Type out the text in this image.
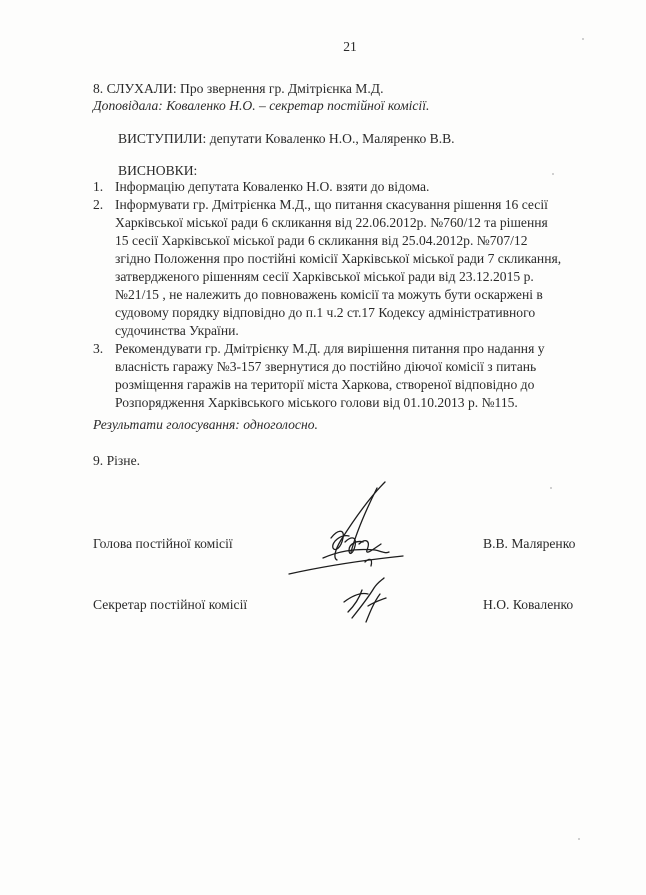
21
8. СЛУХАЛИ: Про звернення гр. Дмітрієнка М.Д.
Доповідала: Коваленко Н.О. – секретар постійної комісії.
ВИСТУПИЛИ: депутати Коваленко Н.О., Маляренко В.В.
ВИСНОВКИ:
1. Інформацію депутата Коваленко Н.О. взяти до відома.
2. Інформувати гр. Дмітрієнка М.Д., що питання скасування рішення 16 сесії
Харківської міської ради 6 скликання від 22.06.2012р. №760/12 та рішення
15 сесії Харківської міської ради 6 скликання від 25.04.2012р. №707/12
згідно Положення про постійні комісії Харківської міської ради 7 скликання,
затвердженого рішенням сесії Харківської міської ради від 23.12.2015 р.
№21/15 , не належить до повноважень комісії та можуть бути оскаржені в
судовому порядку відповідно до п.1 ч.2 ст.17 Кодексу адміністративного
судочинства України.
3. Рекомендувати гр. Дмітрієнку М.Д. для вирішення питання про надання у
власність гаражу №3-157 звернутися до постійно діючої комісії з питань
розміщення гаражів на території міста Харкова, створеної відповідно до
Розпорядження Харківського міського голови від 01.10.2013 р. №115.
Результати голосування: одноголосно.
9. Різне.
Голова постійної комісії	В.В. Маляренко
Секретар постійної комісії	Н.О. Коваленко
